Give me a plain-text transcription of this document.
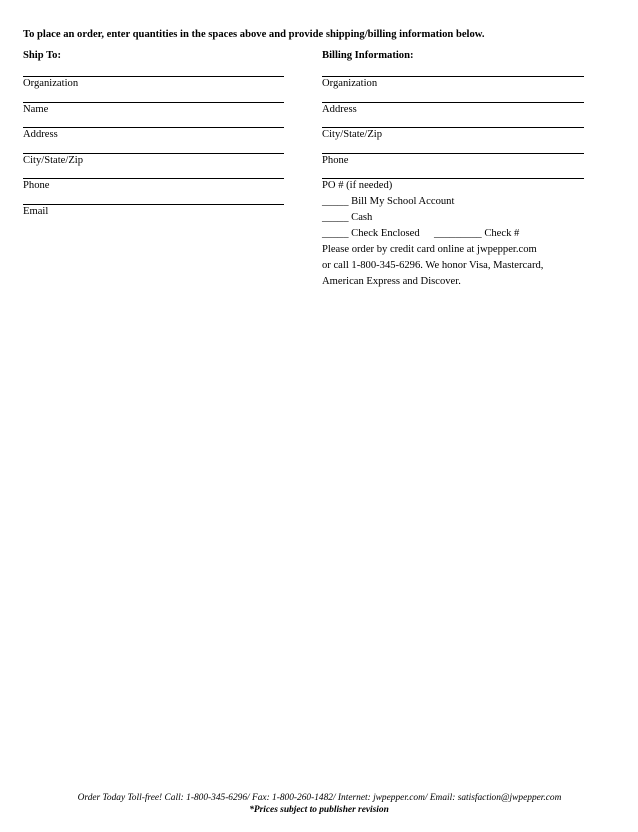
To place an order, enter quantities in the spaces above and provide shipping/billing information below.
Ship To:
Organization
Name
Address
City/State/Zip
Phone
Email
Billing Information:
Organization
Address
City/State/Zip
Phone
PO # (if needed)
_____ Bill My School Account
_____ Cash
_____ Check Enclosed _________ Check #
Please order by credit card online at jwpepper.com
or call 1-800-345-6296. We honor Visa, Mastercard,
American Express and Discover.
Order Today Toll-free! Call: 1-800-345-6296/ Fax: 1-800-260-1482/ Internet: jwpepper.com/ Email: satisfaction@jwpepper.com
*Prices subject to publisher revision
